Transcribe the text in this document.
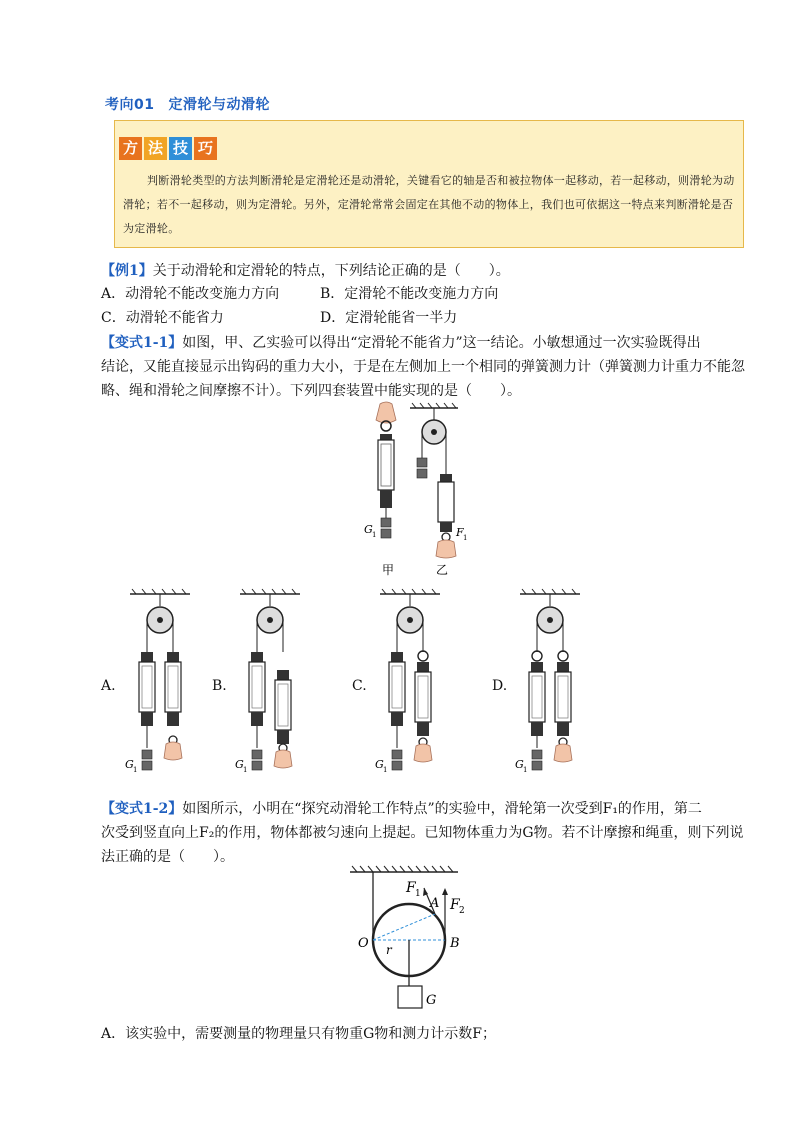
考向01 定滑轮与动滑轮
方 法 技 巧
判断滑轮类型的方法判断滑轮是定滑轮还是动滑轮，关键看它的轴是否和被拉物体一起移动，若一起移动，则滑轮为动滑轮；若不一起移动，则为定滑轮。另外，定滑轮常常会固定在其他不动的物体上，我们也可依据这一特点来判断滑轮是否为定滑轮。
【例1】关于动滑轮和定滑轮的特点，下列结论正确的是（　　）。
A．动滑轮不能改变施力方向	B．定滑轮不能改变施力方向
C．动滑轮不能省力	D．定滑轮能省一半力
【变式1-1】如图，甲、乙实验可以得出“定滑轮不能省力”这一结论。小敏想通过一次实验既得出
结论，又能直接显示出钩码的重力大小，于是在左侧加上一个相同的弹簧测力计（弹簧测力计重力不能忽
略、绳和滑轮之间摩擦不计）。下列四套装置中能实现的是（　　）。
G 1	F 1
甲	乙
A.	B.	C.	D.
G 1	G 1	G 1	G 1
【变式1-2】如图所示，小明在“探究动滑轮工作特点”的实验中，滑轮第一次受到F₁的作用，第二
次受到竖直向上F₂的作用，物体都被匀速向上提起。已知物体重力为G物。若不计摩擦和绳重，则下列说
法正确的是（　　）。
F 1
F 2
A
O	B
r
G
A．该实验中，需要测量的物理量只有物重G物和测力计示数F；
